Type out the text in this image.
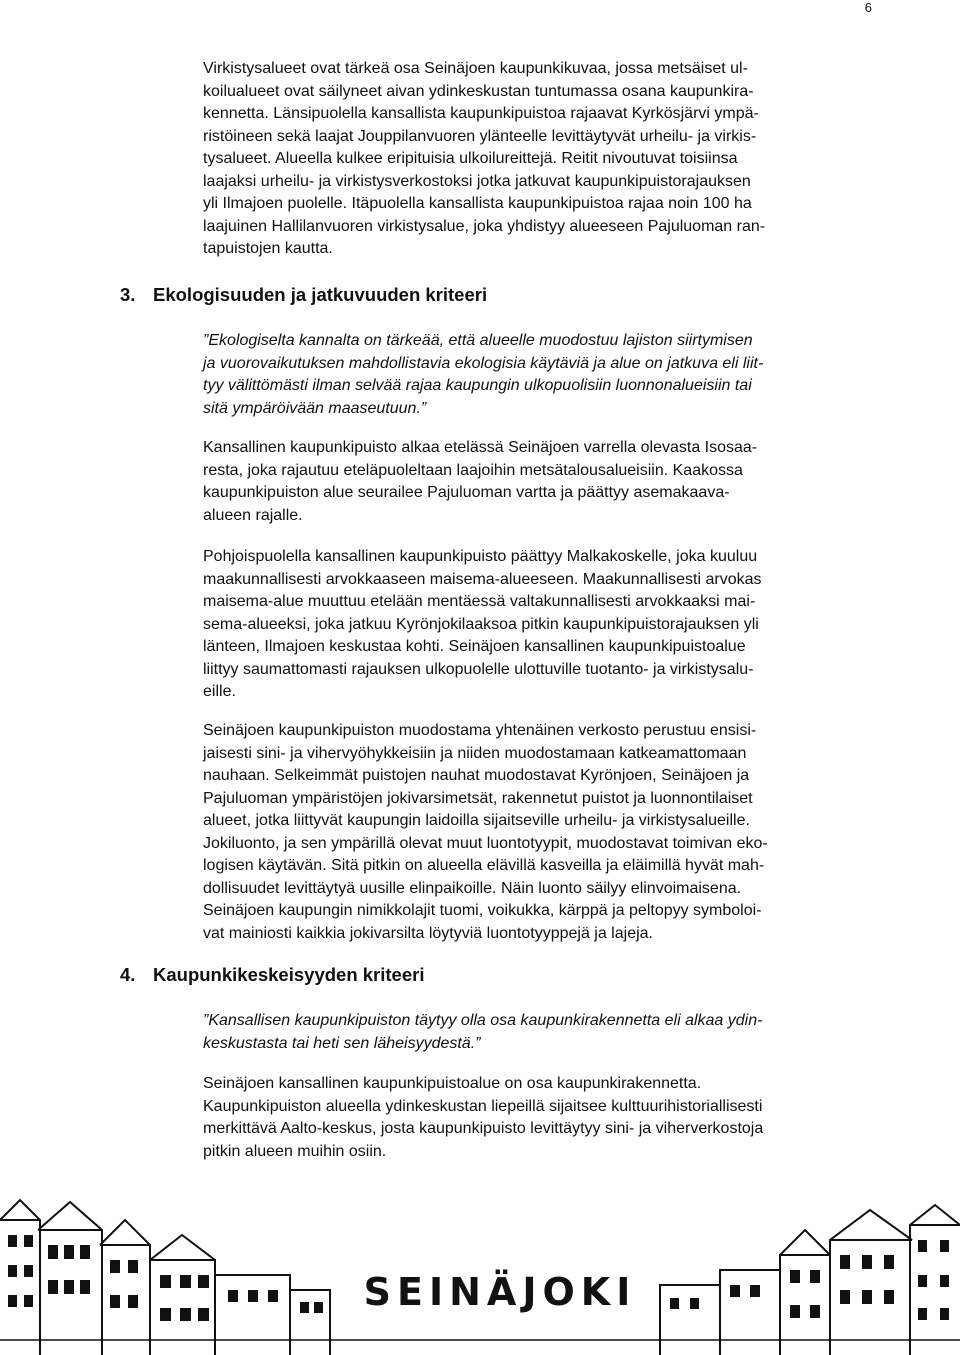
6
Virkistysalueet ovat tärkeä osa Seinäjoen kaupunkikuvaa, jossa metsäiset ul-
koilualueet ovat säilyneet aivan ydinkeskustan tuntumassa osana kaupunkira-
kennetta. Länsipuolella kansallista kaupunkipuistoa rajaavat Kyrkösjärvi ympä-
ristöineen sekä laajat Jouppilanvuoren ylänteelle levittäytyvät urheilu- ja virkis-
tysalueet. Alueella kulkee eripituisia ulkoilureittejä. Reitit nivoutuvat toisiinsa
laajaksi urheilu- ja virkistysverkostoksi jotka jatkuvat kaupunkipuistorajauksen
yli Ilmajoen puolelle. Itäpuolella kansallista kaupunkipuistoa rajaa noin 100 ha
laajuinen Hallilanvuoren virkistysalue, joka yhdistyy alueeseen Pajuluoman ran-
tapuistojen kautta.
3. Ekologisuuden ja jatkuvuuden kriteeri
”Ekologiselta kannalta on tärkeää, että alueelle muodostuu lajiston siirtymisen
ja vuorovaikutuksen mahdollistavia ekologisia käytäviä ja alue on jatkuva eli liit-
tyy välittömästi ilman selvää rajaa kaupungin ulkopuolisiin luonnonalueisiin tai
sitä ympäröivään maaseutuun.”
Kansallinen kaupunkipuisto alkaa etelässä Seinäjoen varrella olevasta Isosaa-
resta, joka rajautuu eteläpuoleltaan laajoihin metsätalousalueisiin. Kaakossa
kaupunkipuiston alue seurailee Pajuluoman vartta ja päättyy asemakaava-
alueen rajalle.
Pohjoispuolella kansallinen kaupunkipuisto päättyy Malkakoskelle, joka kuuluu
maakunnallisesti arvokkaaseen maisema-alueeseen. Maakunnallisesti arvokas
maisema-alue muuttuu etelään mentäessä valtakunnallisesti arvokkaaksi mai-
sema-alueeksi, joka jatkuu Kyrönjokilaaksoa pitkin kaupunkipuistorajauksen yli
länteen, Ilmajoen keskustaa kohti. Seinäjoen kansallinen kaupunkipuistoalue
liittyy saumattomasti rajauksen ulkopuolelle ulottuville tuotanto- ja virkistysalu-
eille.
Seinäjoen kaupunkipuiston muodostama yhtenäinen verkosto perustuu ensisi-
jaisesti sini- ja vihervyöhykkeisiin ja niiden muodostamaan katkeamattomaan
nauhaan. Selkeimmät puistojen nauhat muodostavat Kyrönjoen, Seinäjoen ja
Pajuluoman ympäristöjen jokivarsimetsät, rakennetut puistot ja luonnontilaiset
alueet, jotka liittyvät kaupungin laidoilla sijaitseville urheilu- ja virkistysalueille.
Jokiluonto, ja sen ympärillä olevat muut luontotyypit, muodostavat toimivan eko-
logisen käytävän. Sitä pitkin on alueella elävillä kasveilla ja eläimillä hyvät mah-
dollisuudet levittäytyä uusille elinpaikoille. Näin luonto säilyy elinvoimaisena.
Seinäjoen kaupungin nimikkolajit tuomi, voikukka, kärppä ja peltopyy symboloi-
vat mainiosti kaikkia jokivarsilta löytyviä luontotyyppejä ja lajeja.
4. Kaupunkikeskeisyyden kriteeri
”Kansallisen kaupunkipuiston täytyy olla osa kaupunkirakennetta eli alkaa ydin-
keskustasta tai heti sen läheisyydestä.”
Seinäjoen kansallinen kaupunkipuistoalue on osa kaupunkirakennetta.
Kaupunkipuiston alueella ydinkeskustan liepeillä sijaitsee kulttuurihistoriallisesti
merkittävä Aalto-keskus, josta kaupunkipuisto levittäytyy sini- ja viherverkostoja
pitkin alueen muihin osiin.
SEINÄJOKI
